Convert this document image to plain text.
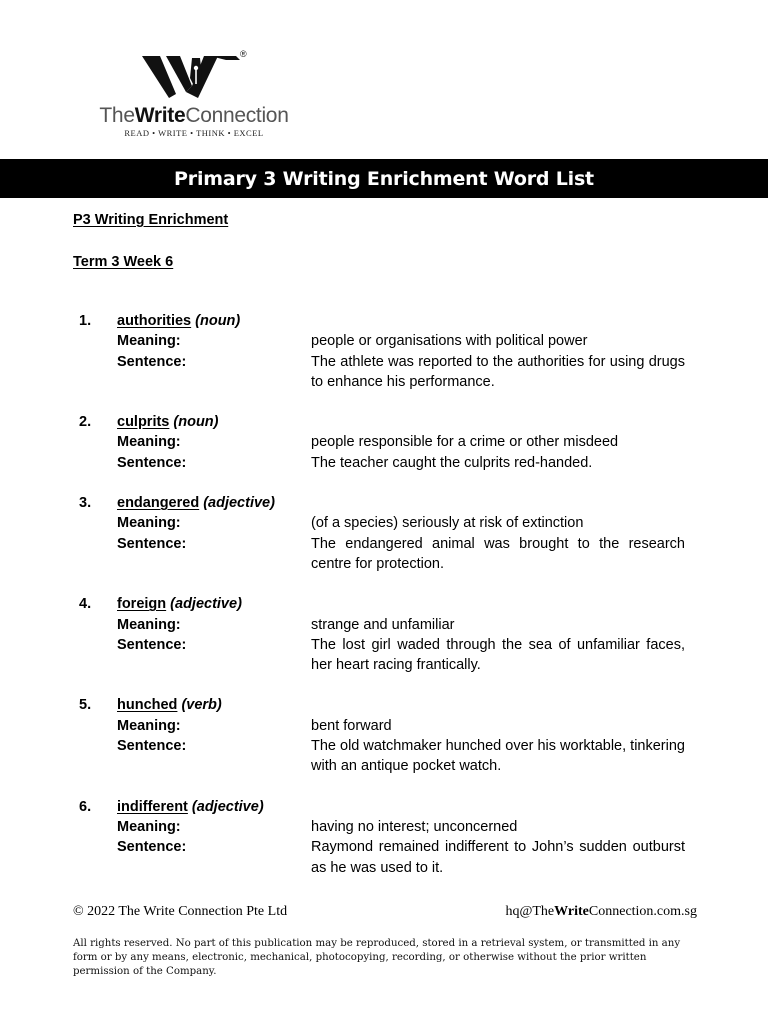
®
TheWriteConnection
READ • WRITE • THINK • EXCEL
Primary 3 Writing Enrichment Word List

P3 Writing Enrichment

Term 3 Week 6

1. authorities (noun)
Meaning:	people or organisations with political power
Sentence:	The athlete was reported to the authorities for using drugs to enhance his performance.
2. culprits (noun)
Meaning:	people responsible for a crime or other misdeed
Sentence:	The teacher caught the culprits red-handed.
3. endangered (adjective)
Meaning:	(of a species) seriously at risk of extinction
Sentence:	The endangered animal was brought to the research centre for protection.
4. foreign (adjective)
Meaning:	strange and unfamiliar
Sentence:	The lost girl waded through the sea of unfamiliar faces, her heart racing frantically.
5. hunched (verb)
Meaning:	bent forward
Sentence:	The old watchmaker hunched over his worktable, tinkering with an antique pocket watch.
6. indifferent (adjective)
Meaning:	having no interest; unconcerned
Sentence:	Raymond remained indifferent to John’s sudden outburst as he was used to it.
© 2022 The Write Connection Pte Ltd	hq@TheWriteConnection.com.sg

All rights reserved. No part of this publication may be reproduced, stored in a retrieval system, or transmitted in any form or by any means, electronic, mechanical, photocopying, recording, or otherwise without the prior written permission of the Company.
